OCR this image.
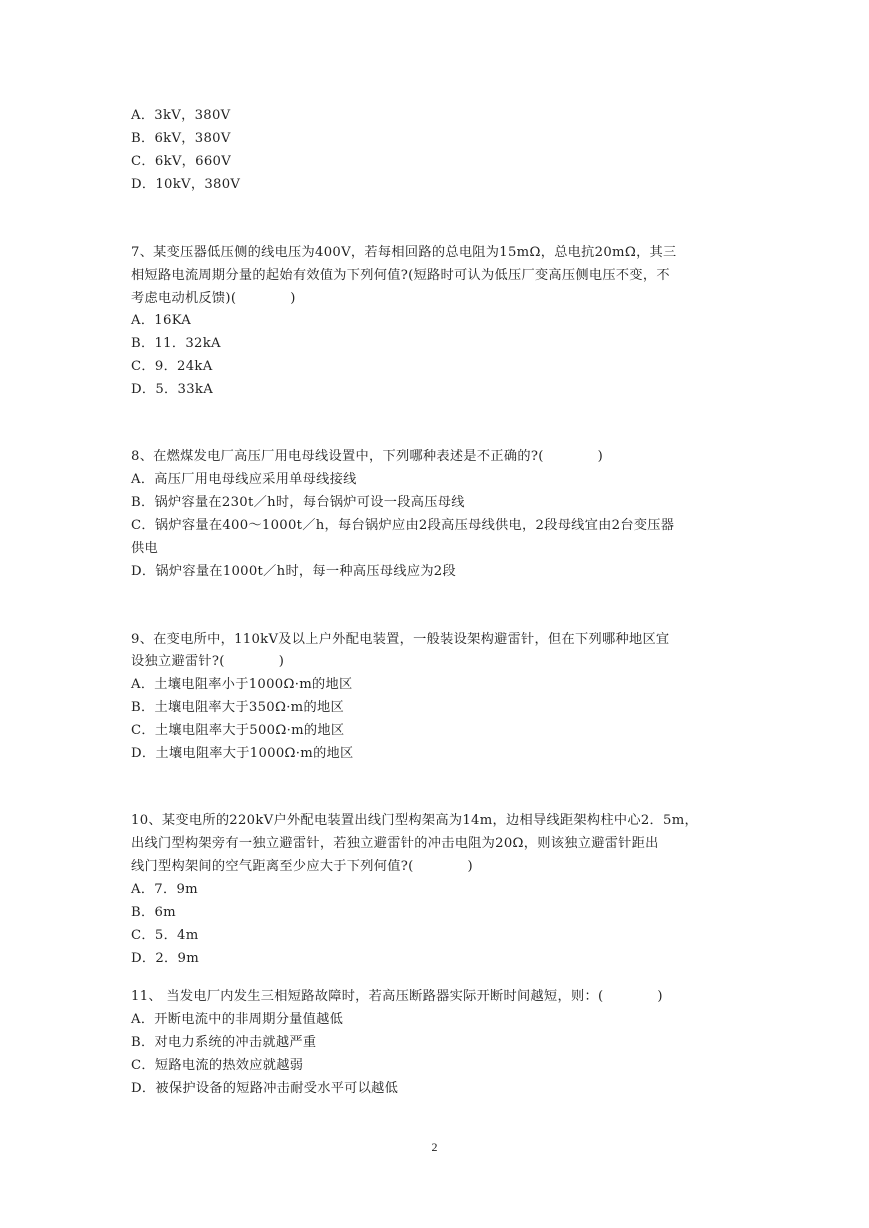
A．3kV，380V
B．6kV，380V
C．6kV，660V
D．10kV，380V
7、某变压器低压侧的线电压为400V，若每相回路的总电阻为15mΩ，总电抗20mΩ，其三
相短路电流周期分量的起始有效值为下列何值?(短路时可认为低压厂变高压侧电压不变，不
考虑电动机反馈)(　　　　)
A．16KA
B．11．32kA
C．9．24kA
D．5．33kA
8、在燃煤发电厂高压厂用电母线设置中，下列哪种表述是不正确的?(　　　　)
A．高压厂用电母线应采用单母线接线
B．锅炉容量在230t／h时，每台锅炉可设一段高压母线
C．锅炉容量在400～1000t／h，每台锅炉应由2段高压母线供电，2段母线宜由2台变压器
供电
D．锅炉容量在1000t／h时，每一种高压母线应为2段
9、在变电所中，110kV及以上户外配电装置，一般装设架构避雷针，但在下列哪种地区宜
设独立避雷针?(　　　　)
A．土壤电阻率小于1000Ω·m的地区
B．土壤电阻率大于350Ω·m的地区
C．土壤电阻率大于500Ω·m的地区
D．土壤电阻率大于1000Ω·m的地区
10、某变电所的220kV户外配电装置出线门型构架高为14m，边相导线距架构柱中心2．5m，
出线门型构架旁有一独立避雷针，若独立避雷针的冲击电阻为20Ω，则该独立避雷针距出
线门型构架间的空气距离至少应大于下列何值?(　　　　)
A．7．9m
B．6m
C．5．4m
D．2．9m
11、 当发电厂内发生三相短路故障时，若高压断路器实际开断时间越短，则：(　　　　)
A．开断电流中的非周期分量值越低
B．对电力系统的冲击就越严重
C．短路电流的热效应就越弱
D．被保护设备的短路冲击耐受水平可以越低
2
